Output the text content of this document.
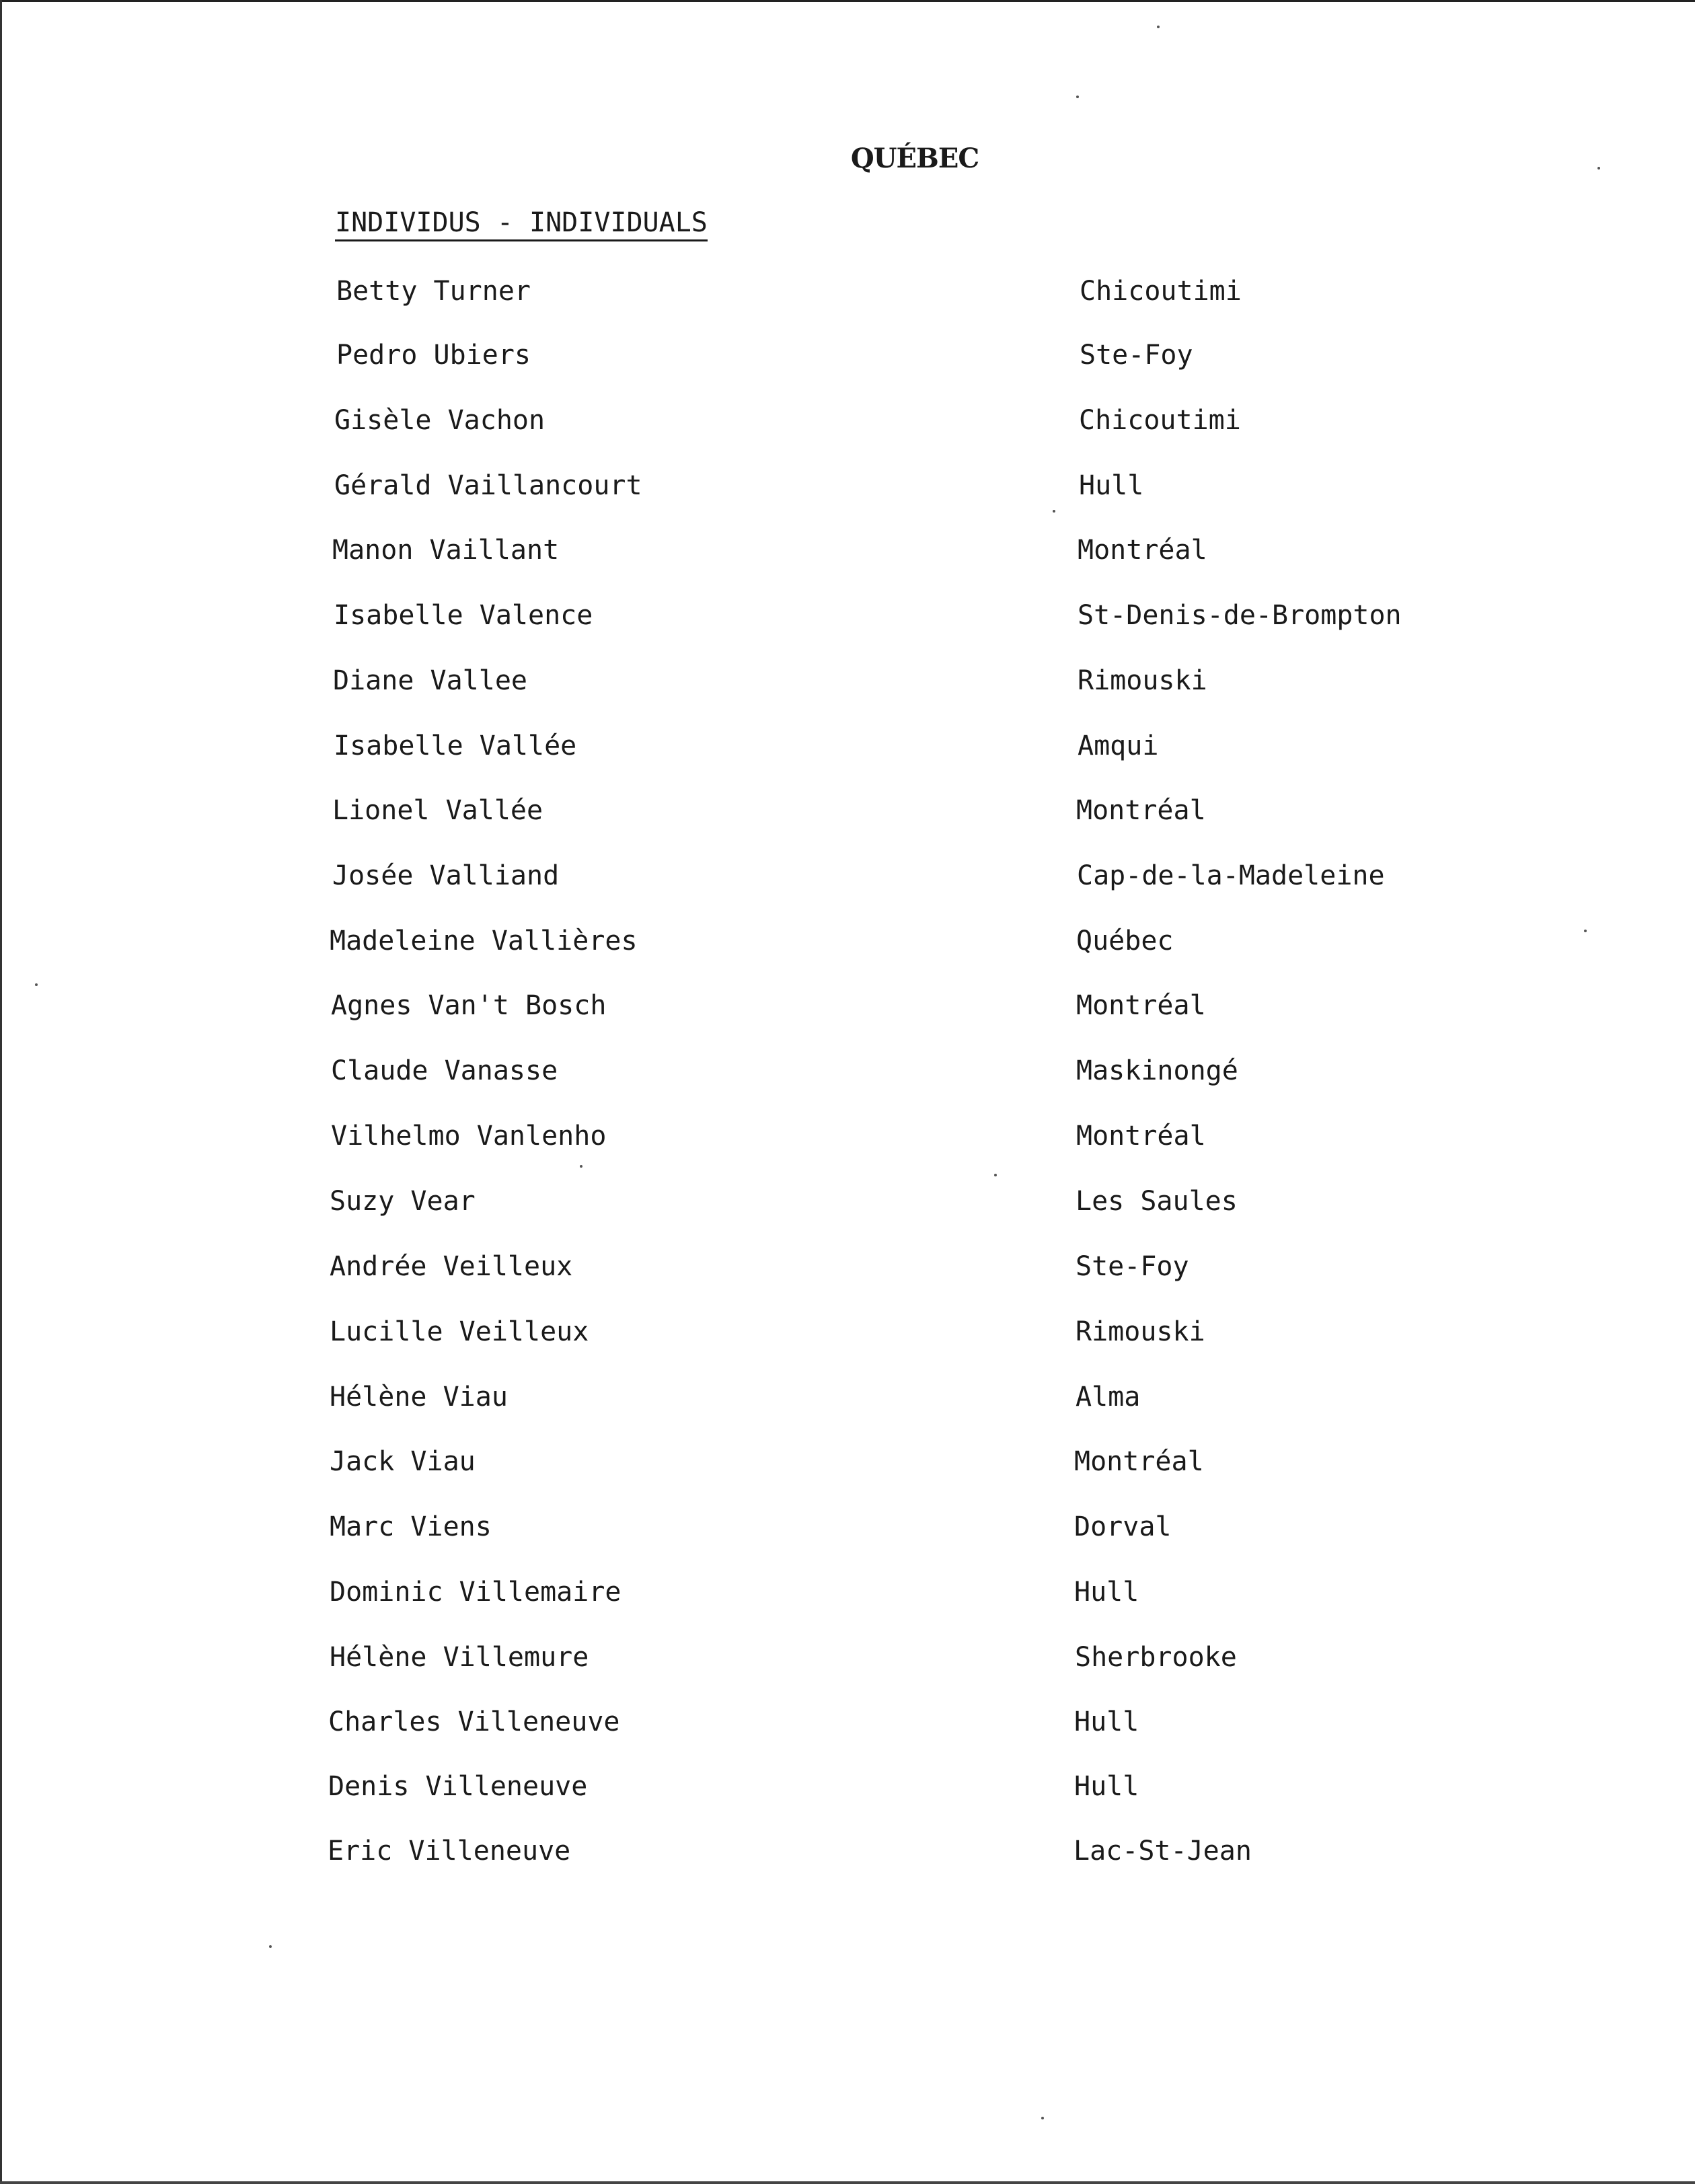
QUÉBEC
INDIVIDUS - INDIVIDUALS
Betty Turner	Chicoutimi
Pedro Ubiers	Ste-Foy
Gisèle Vachon	Chicoutimi
Gérald Vaillancourt	Hull
Manon Vaillant	Montréal
Isabelle Valence	St-Denis-de-Brompton
Diane Vallee	Rimouski
Isabelle Vallée	Amqui
Lionel Vallée	Montréal
Josée Valliand	Cap-de-la-Madeleine
Madeleine Vallières	Québec
Agnes Van't Bosch	Montréal
Claude Vanasse	Maskinongé
Vilhelmo Vanlenho	Montréal
Suzy Vear	Les Saules
Andrée Veilleux	Ste-Foy
Lucille Veilleux	Rimouski
Hélène Viau	Alma
Jack Viau	Montréal
Marc Viens	Dorval
Dominic Villemaire	Hull
Hélène Villemure	Sherbrooke
Charles Villeneuve	Hull
Denis Villeneuve	Hull
Eric Villeneuve	Lac-St-Jean
